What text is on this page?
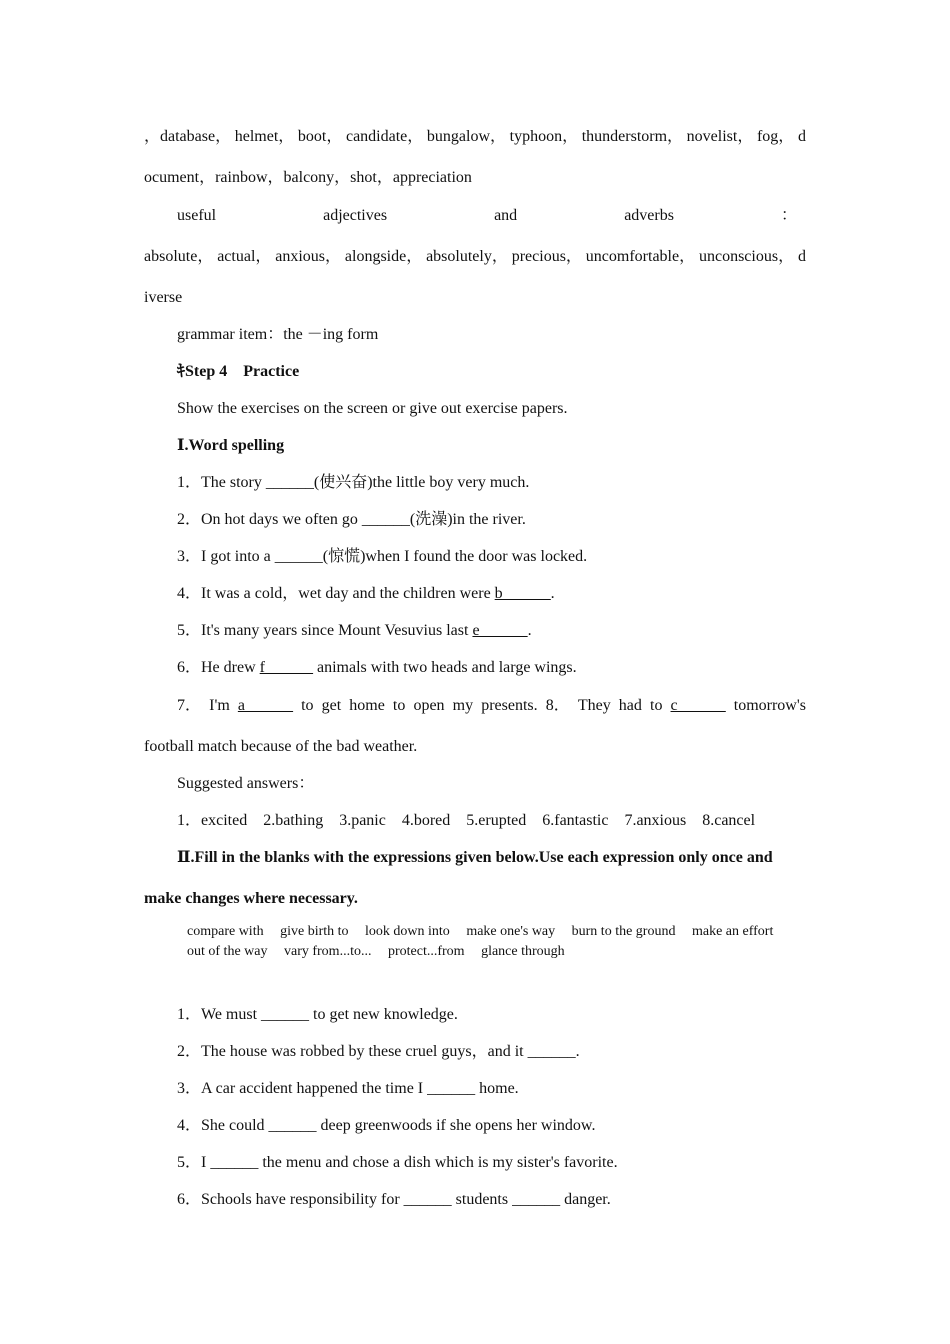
，database， helmet， boot， candidate， bungalow， typhoon， thunderstorm， novelist， fog， d
ocument，rainbow，balcony，shot，appreciation
useful	adjectives	and	adverbs	：
absolute， actual， anxious， alongside， absolutely， precious， uncomfortable， unconscious， d
iverse
grammar item：the －ing form
ｷStep 4　Practice
Show the exercises on the screen or give out exercise papers.
Ⅰ.Word spelling
1．The story ______(使兴奋)the little boy very much.
2．On hot days we often go ______(洗澡)in the river.
3．I got into a ______(惊慌)when I found the door was locked.
4．It was a cold，wet day and the children were b______.
5．It's many years since Mount Vesuvius last e______.
6．He drew f______ animals with two heads and large wings.
7． I'm a______ to get home to open my presents. 8． They had to c______ tomorrow's
football match because of the bad weather.
Suggested answers：
1．excited　2.bathing　3.panic　4.bored　5.erupted　6.fantastic　7.anxious　8.cancel
Ⅱ.Fill in the blanks with the expressions given below.Use each expression only once and
make changes where necessary.
compare with give birth to look down into make one's way burn to the ground make an effort out of the way vary from...to... protect...from glance through
1．We must ______ to get new knowledge.
2．The house was robbed by these cruel guys，and it ______.
3．A car accident happened the time I ______ home.
4．She could ______ deep greenwoods if she opens her window.
5．I ______ the menu and chose a dish which is my sister's favorite.
6．Schools have responsibility for ______ students ______ danger.
